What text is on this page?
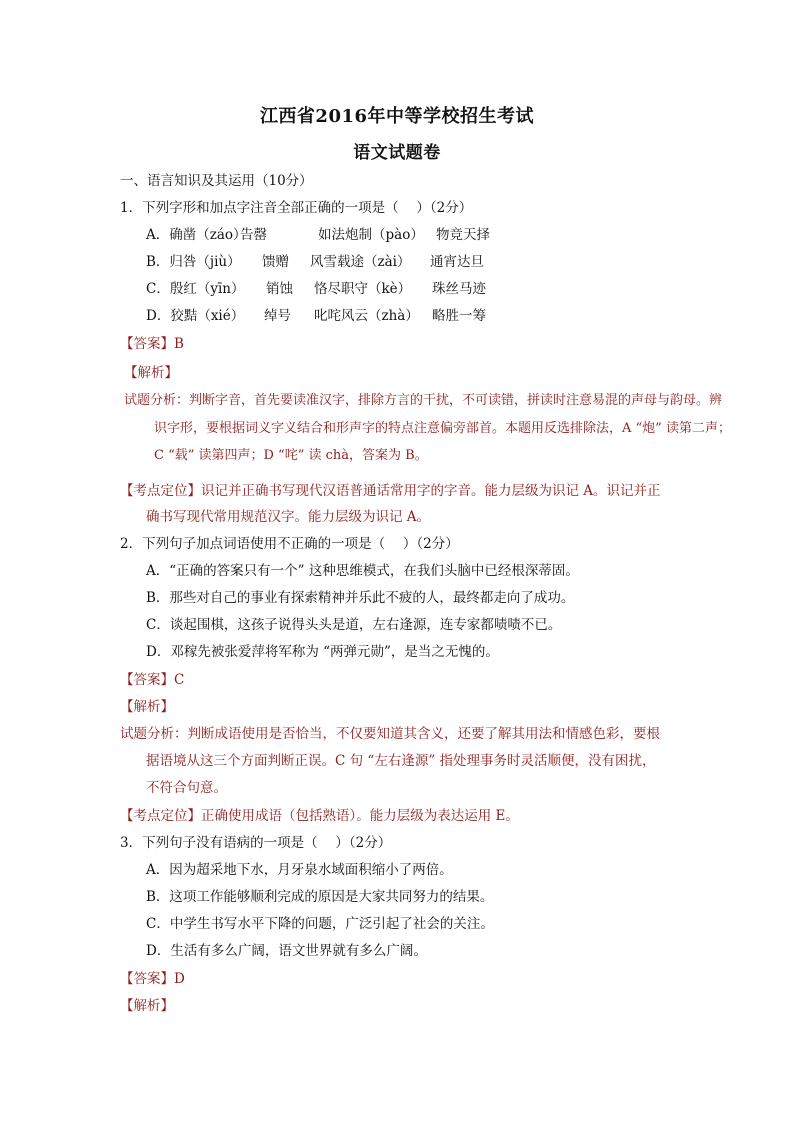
江西省2016年中等学校招生考试
语文试题卷
一、语言知识及其运用（10分）
1．下列字形和加点字注音全部正确的一项是（　 ）（2分）
A．确凿（záo）
告罄	如法炮制（pào） 物竞天择
B．归咎（jiù） 馈赠 风雪载途（zài） 通宵达旦
C．殷红（yīn） 销蚀 恪尽职守（kè） 珠丝马迹
D．狡黠（xié） 绰号 叱咤风云（zhà） 略胜一筹
【答案】B
【解析】
试题分析：判断字音，首先要读准汉字，排除方言的干扰，不可读错，拼读时注意易混的声母与韵母。辨
识字形，要根据词义字义结合和形声字的特点注意偏旁部首。本题用反选排除法，A “炮” 读第二声；
C “载” 读第四声；D “咤” 读 chà，答案为 B。
【考点定位】识记并正确书写现代汉语普通话常用字的字音。能力层级为识记 A。识记并正
确书写现代常用规范汉字。能力层级为识记 A。
2．下列句子加点词语使用不正确的一项是（　 ）（2分）
A．“正确的答案只有一个” 这种思维模式，在我们头脑中已经根深蒂固。
B．那些对自己的事业有探索精神并乐此不疲的人，最终都走向了成功。
C．谈起围棋，这孩子说得头头是道，左右逢源，连专家都啧啧不已。
D．邓稼先被张爱萍将军称为 “两弹元勋”，是当之无愧的。
【答案】C
【解析】
试题分析：判断成语使用是否恰当，不仅要知道其含义，还要了解其用法和情感色彩，要根
据语境从这三个方面判断正误。C 句 “左右逢源” 指处理事务时灵活顺便，没有困扰，
不符合句意。
【考点定位】正确使用成语（包括熟语）。能力层级为表达运用 E。
3．下列句子没有语病的一项是（　 ）（2分）
A．因为超采地下水，月牙泉水域面积缩小了两倍。
B．这项工作能够顺利完成的原因是大家共同努力的结果。
C．中学生书写水平下降的问题，广泛引起了社会的关注。
D．生活有多么广阔，语文世界就有多么广阔。
【答案】D
【解析】
